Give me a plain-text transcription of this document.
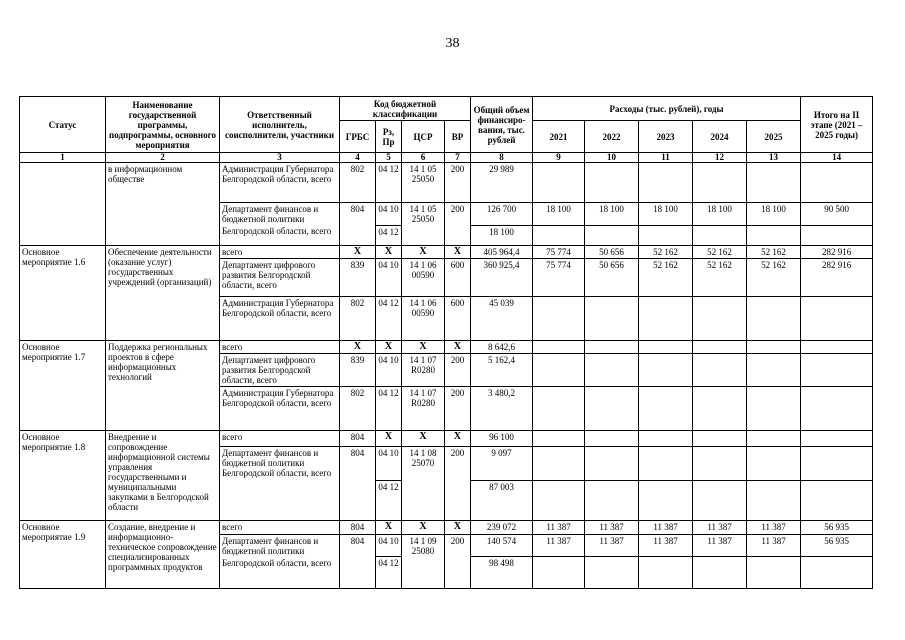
38
Статус	Наименование государственной программы, подпрограммы, основного мероприятия	Ответственный исполнитель, соисполнители, участники	Код бюджетной классификации				Общий объем финансиро-вания, тыс. рублей	Расходы (тыс. рублей), годы					Итого на II этапе (2021 – 2025 годы)
			ГРБС	Рз, Пр	ЦСР	ВР		2021	2022	2023	2024	2025	
1	2	3	4	5	6	7	8	9	10	11	12	13	14
	в информационном обществе	Администрация Губернатора Белгородской области, всего	802	04 12	14 1 05 25050	200	29 989						
		Департамент финансов и бюджетной политики	804	04 10	14 1 05 25050	200	126 700	18 100	18 100	18 100	18 100	18 100	90 500
		Белгородской области, всего		04 12			18 100						
Основное мероприятие 1.6	Обеспечение деятельности (оказание услуг) государственных учреждений (организаций)	всего	Х	Х	Х	Х	405 964,4	75 774	50 656	52 162	52 162	52 162	282 916
		Департамент цифрового развития Белгородской области, всего	839	04 10	14 1 06 00590	600	360 925,4	75 774	50 656	52 162	52 162	52 162	282 916
		Администрация Губернатора Белгородской области, всего	802	04 12	14 1 06 00590	600	45 039						
Основное мероприятие 1.7	Поддержка региональных проектов в сфере информационных технологий	всего	Х	Х	Х	Х	8 642,6						
		Департамент цифрового развития Белгородской области, всего	839	04 10	14 1 07 R0280	200	5 162,4						
		Администрация Губернатора Белгородской области, всего	802	04 12	14 1 07 R0280	200	3 480,2						
Основное мероприятие 1.8	Внедрение и сопровождение информационной системы управления государственными и муниципальными закупками в Белгородской области	всего	804	Х	Х	Х	96 100						
		Департамент финансов и бюджетной политики Белгородской области, всего	804	04 10	14 1 08 25070	200	9 097						
				04 12			87 003						
Основное мероприятие 1.9	Создание, внедрение и информационно-техническое сопровождение специализированных программных продуктов	всего	804	Х	Х	Х	239 072	11 387	11 387	11 387	11 387	11 387	56 935
		Департамент финансов и бюджетной политики	804	04 10	14 1 09 25080	200	140 574	11 387	11 387	11 387	11 387	11 387	56 935
		Белгородской области, всего		04 12			98 498						
